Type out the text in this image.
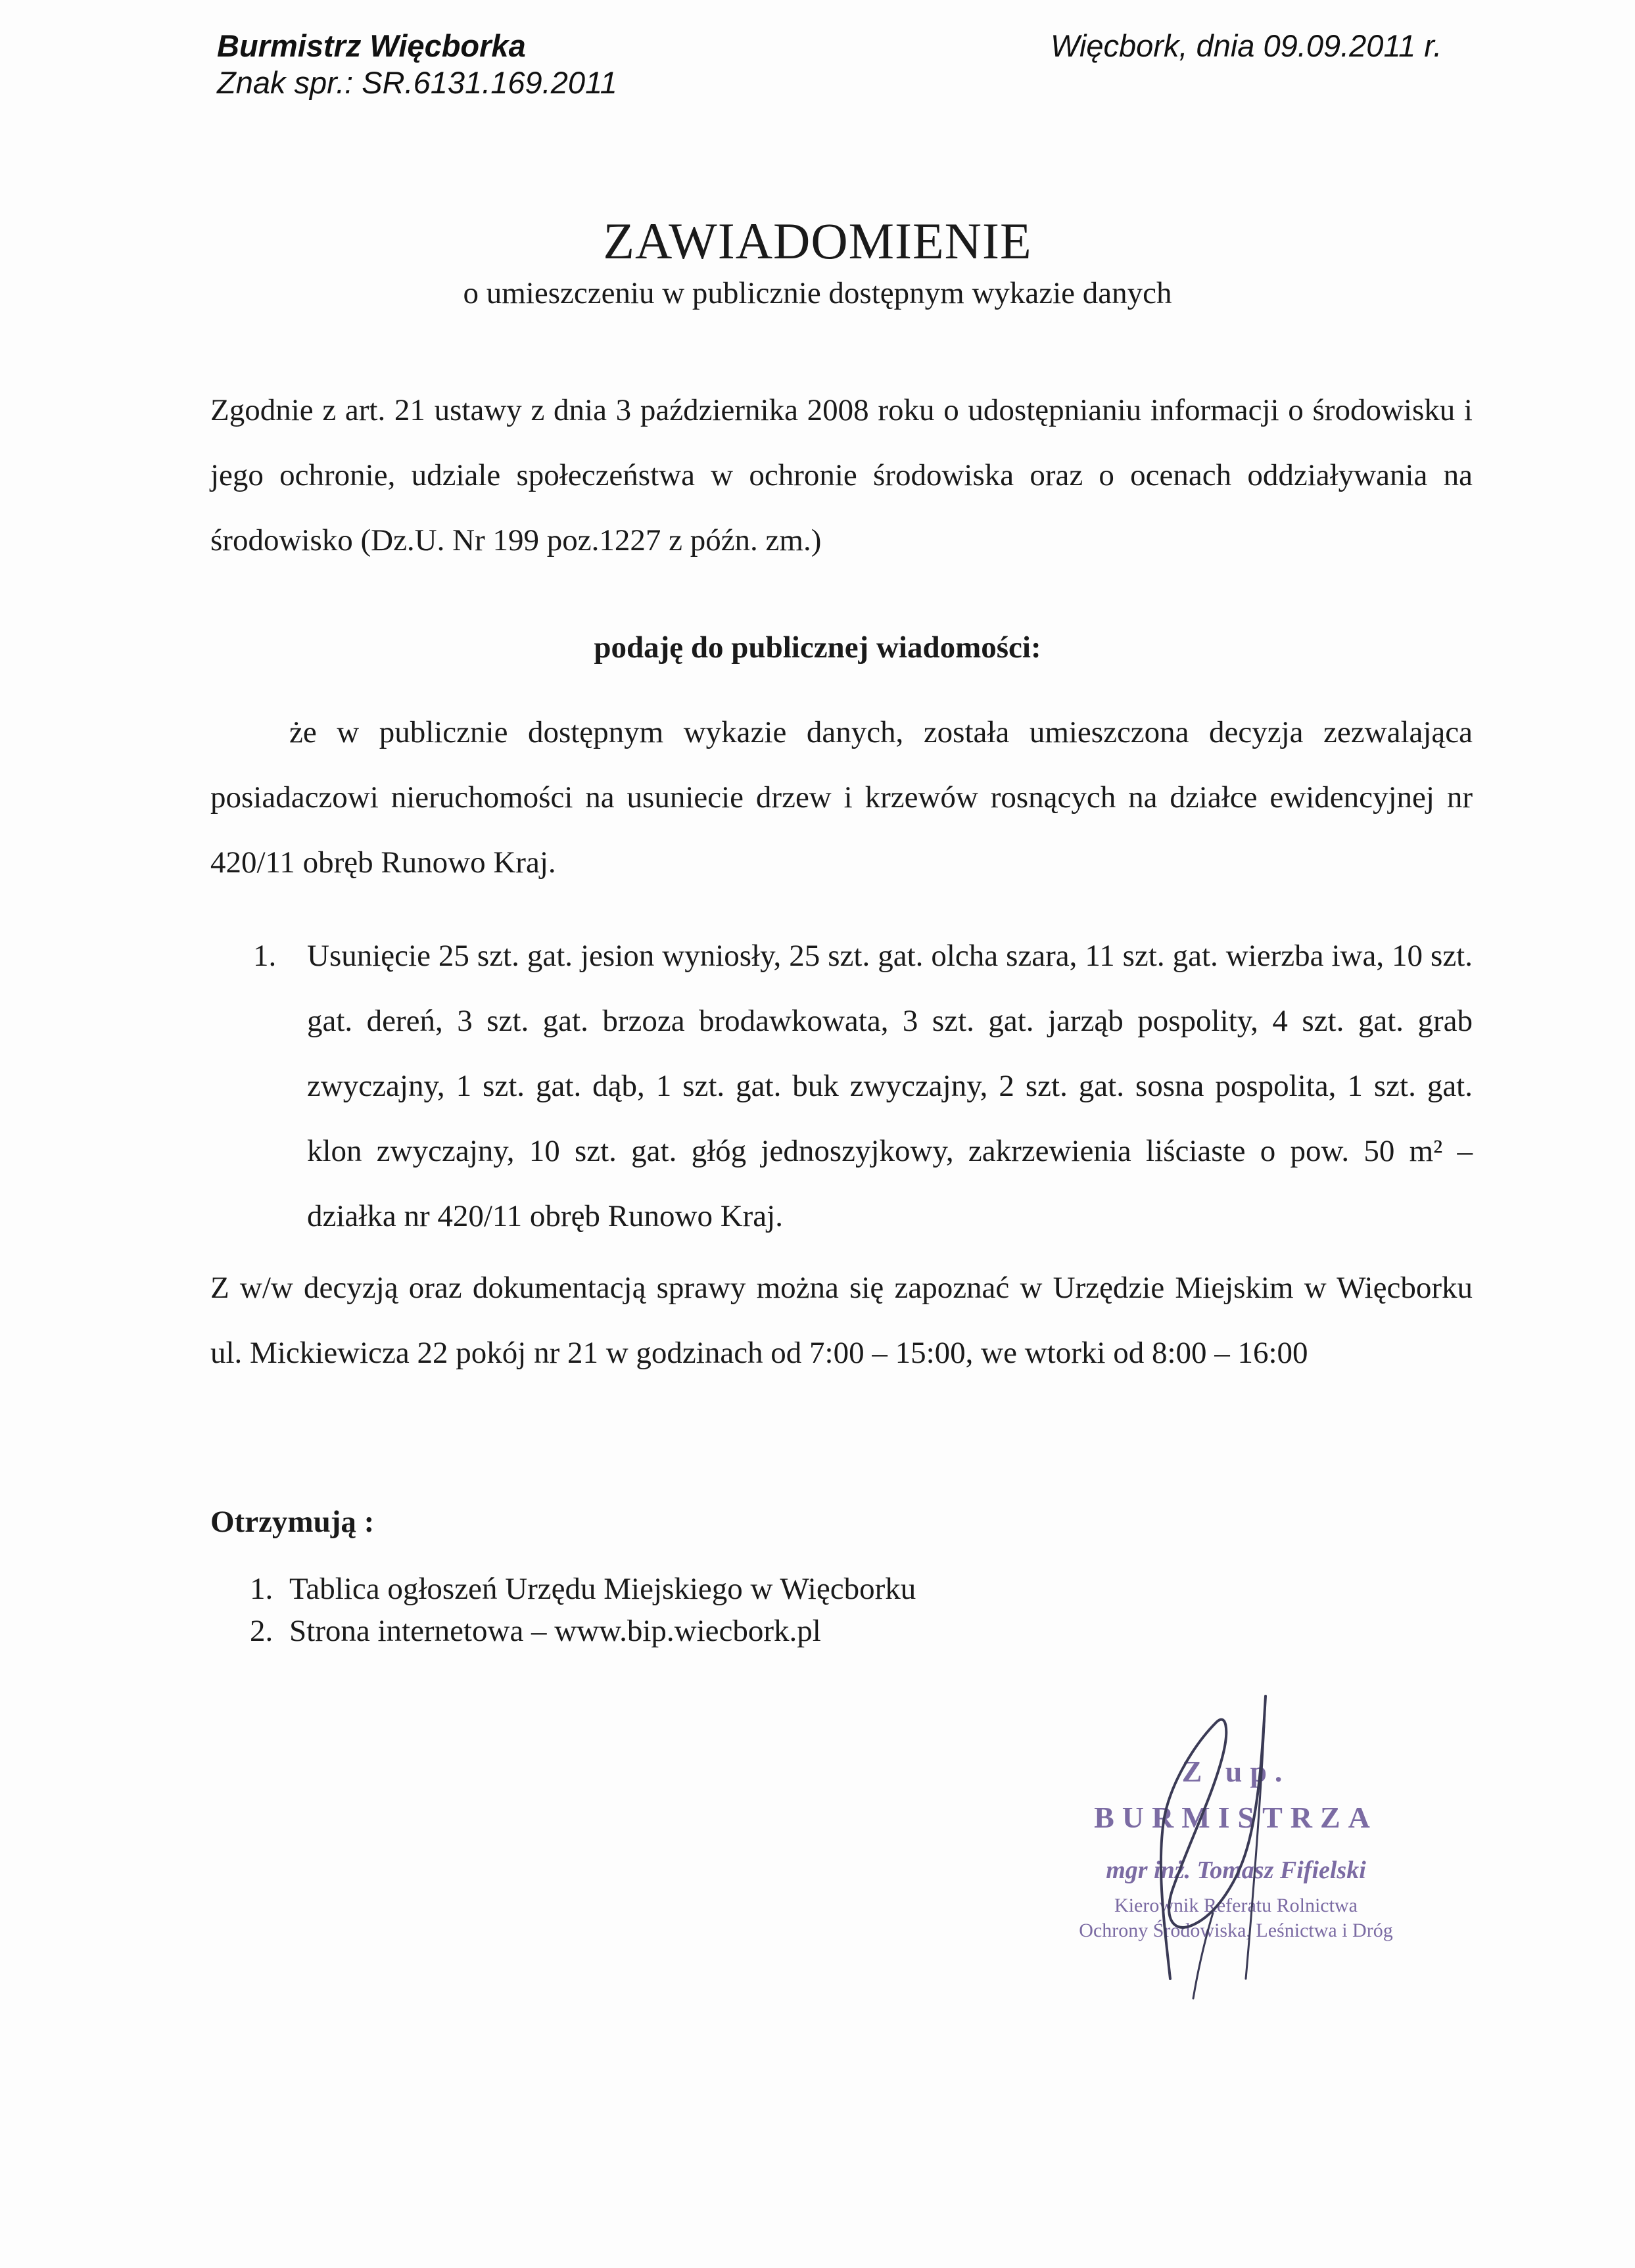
Burmistrz Więcborka
Znak spr.: SR.6131.169.2011
Więcbork, dnia 09.09.2011 r.
ZAWIADOMIENIE
o umieszczeniu w publicznie dostępnym wykazie danych
Zgodnie z art. 21 ustawy z dnia 3 października 2008 roku o udostępnianiu informacji o środowisku i jego ochronie, udziale społeczeństwa w ochronie środowiska oraz o ocenach oddziaływania na środowisko (Dz.U. Nr 199 poz.1227 z późn. zm.)
podaję do publicznej wiadomości:
że w publicznie dostępnym wykazie danych, została umieszczona decyzja zezwalająca posiadaczowi nieruchomości na usuniecie drzew i krzewów rosnących na działce ewidencyjnej nr 420/11 obręb Runowo Kraj.
1. Usunięcie 25 szt. gat. jesion wyniosły, 25 szt. gat. olcha szara, 11 szt. gat. wierzba iwa, 10 szt. gat. dereń, 3 szt. gat. brzoza brodawkowata, 3 szt. gat. jarząb pospolity, 4 szt. gat. grab zwyczajny, 1 szt. gat. dąb, 1 szt. gat. buk zwyczajny, 2 szt. gat. sosna pospolita, 1 szt. gat. klon zwyczajny, 10 szt. gat. głóg jednoszyjkowy, zakrzewienia liściaste o pow. 50 m² – działka nr 420/11 obręb Runowo Kraj.
Z w/w decyzją oraz dokumentacją sprawy można się zapoznać w Urzędzie Miejskim w Więcborku ul. Mickiewicza 22 pokój nr 21 w godzinach od 7:00 – 15:00, we wtorki od 8:00 – 16:00
Otrzymują :
1. Tablica ogłoszeń Urzędu Miejskiego w Więcborku
2. Strona internetowa – www.bip.wiecbork.pl
Z up. BURMISTRZA
mgr inż. Tomasz Fifielski
Kierownik Referatu Rolnictwa
Ochrony Środowiska, Leśnictwa i Dróg
